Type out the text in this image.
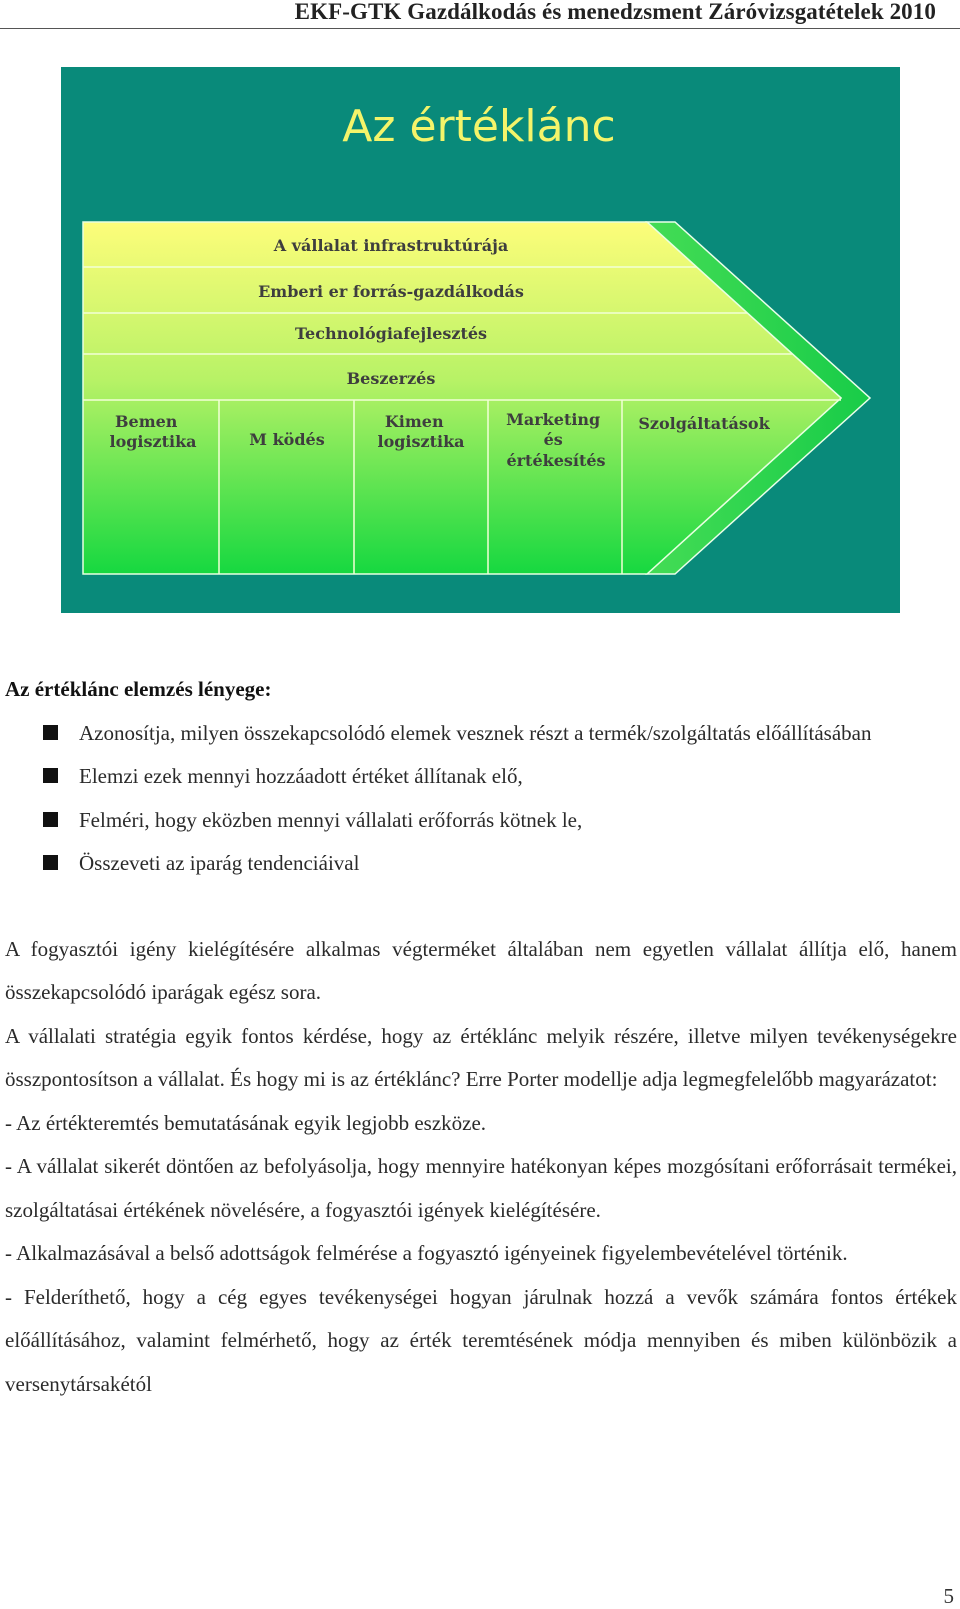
EKF-GTK Gazdálkodás és menedzsment Záróvizsgatételek 2010
Az értéklánc
A vállalat infrastruktúrája
Emberi er forrás-gazdálkodás
Technológiafejlesztés
Beszerzés
Bemen logisztika	M ködés
Kimen logisztika
Marketing és értékesítés
Szolgáltatások

Az értéklánc elemzés lényege:

Azonosítja, milyen összekapcsolódó elemek vesznek részt a termék/szolgáltatás előállításában
Elemzi ezek mennyi hozzáadott értéket állítanak elő,
Felméri, hogy eközben mennyi vállalati erőforrás kötnek le,
Összeveti az iparág tendenciáival

A fogyasztói igény kielégítésére alkalmas végterméket általában nem egyetlen vállalat állítja elő, hanem összekapcsolódó iparágak egész sora.

A vállalati stratégia egyik fontos kérdése, hogy az értéklánc melyik részére, illetve milyen tevékenységekre összpontosítson a vállalat. És hogy mi is az értéklánc? Erre Porter modellje adja legmegfelelőbb magyarázatot:

- Az értékteremtés bemutatásának egyik legjobb eszköze.

- A vállalat sikerét döntően az befolyásolja, hogy mennyire hatékonyan képes mozgósítani erőforrásait termékei, szolgáltatásai értékének növelésére, a fogyasztói igények kielégítésére.

- Alkalmazásával a belső adottságok felmérése a fogyasztó igényeinek figyelembevételével történik.

- Felderíthető, hogy a cég egyes tevékenységei hogyan járulnak hozzá a vevők számára fontos értékek előállításához, valamint felmérhető, hogy az érték teremtésének módja mennyiben és miben különbözik a versenytársakétól

5
